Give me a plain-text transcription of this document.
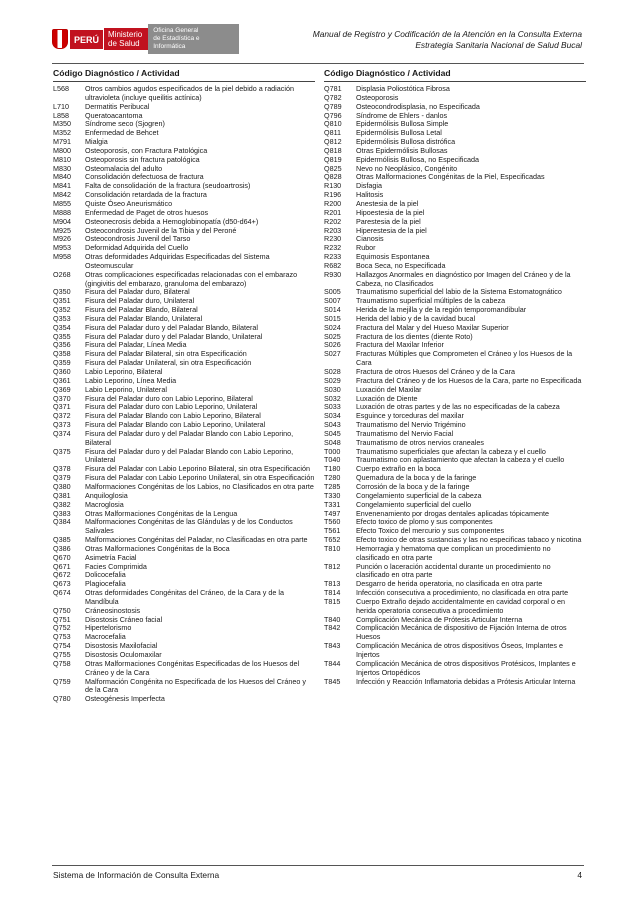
PERÚ	Ministerio
de Salud
Oficina General
de Estadística e Informática
Manual de Registro y Codificación de la Atención en la Consulta Externa
Estrategia Sanitaria Nacional de Salud Bucal
Código Diagnóstico / Actividad
L568	Otros cambios agudos especificados de la piel debido a radiación ultravioleta (incluye queilitis actínica)
L710	Dermatitis Peribucal
L858	Queratoacantoma
M350	Síndrome seco (Sjogren)
M352	Enfermedad de Behcet
M791	Mialgia
M800	Osteoporosis, con Fractura Patológica
M810	Osteoporosis sin fractura patológica
M830	Osteomalacia del adulto
M840	Consolidación defectuosa de fractura
M841	Falta de consolidación de la fractura (seudoartrosis)
M842	Consolidación retardada de la fractura
M855	Quiste Óseo Aneurismático
M888	Enfermedad de Paget de otros huesos
M904	Osteonecrosis debida a Hemoglobinopatía (d50-d64+)
M925	Osteocondrosis Juvenil de la Tibia y del Peroné
M926	Osteocondrosis Juvenil del Tarso
M953	Deformidad Adquirida del Cuello
M958	Otras deformidades Adquiridas Especificadas del Sistema Osteomuscular
O268	Otras complicaciones especificadas relacionadas con el embarazo (gingivitis del embarazo, granuloma del embarazo)
Q350	Fisura del Paladar duro, Bilateral
Q351	Fisura del Paladar duro, Unilateral
Q352	Fisura del Paladar Blando, Bilateral
Q353	Fisura del Paladar Blando, Unilateral
Q354	Fisura del Paladar duro y del Paladar Blando, Bilateral
Q355	Fisura del Paladar duro y del Paladar Blando, Unilateral
Q356	Fisura del Paladar, Línea Media
Q358	Fisura del Paladar Bilateral, sin otra Especificación
Q359	Fisura del Paladar Unilateral, sin otra Especificación
Q360	Labio Leporino, Bilateral
Q361	Labio Leporino, Línea Media
Q369	Labio Leporino, Unilateral
Q370	Fisura del Paladar duro con Labio Leporino, Bilateral
Q371	Fisura del Paladar duro con Labio Leporino, Unilateral
Q372	Fisura del Paladar Blando con Labio Leporino, Bilateral
Q373	Fisura del Paladar Blando con Labio Leporino, Unilateral
Q374	Fisura del Paladar duro y del Paladar Blando con Labio Leporino, Bilateral
Q375	Fisura del Paladar duro y del Paladar Blando con Labio Leporino, Unilateral
Q378	Fisura del Paladar con Labio Leporino Bilateral, sin otra Especificación
Q379	Fisura del Paladar con Labio Leporino Unilateral, sin otra Especificación
Q380	Malformaciones Congénitas de los Labios, no Clasificados en otra parte
Q381	Anquiloglosia
Q382	Macroglosia
Q383	Otras Malformaciones Congénitas de la Lengua
Q384	Malformaciones Congénitas de las Glándulas y de los Conductos Salivales
Q385	Malformaciones Congénitas del Paladar, no Clasificadas en otra parte
Q386	Otras Malformaciones Congénitas de la Boca
Q670	Asimetría Facial
Q671	Facies Comprimida
Q672	Dolicocefalia
Q673	Plagiocefalia
Q674	Otras deformidades Congénitas del Cráneo, de la Cara y de la Mandíbula
Q750	Cráneosinostosis
Q751	Disostosis Cráneo facial
Q752	Hipertelorismo
Q753	Macrocefalia
Q754	Disostosis Maxilofacial
Q755	Disostosis Oculomaxilar
Q758	Otras Malformaciones Congénitas Especificadas de los Huesos del Cráneo y de la Cara
Q759	Malformación Congénita no Especificada de los Huesos del Cráneo y de la Cara
Q780	Osteogénesis Imperfecta
Código Diagnóstico / Actividad
Q781	Displasia Poliostótica Fibrosa
Q782	Osteoporosis
Q789	Osteocondrodisplasia, no Especificada
Q796	Síndrome de Ehlers - danlos
Q810	Epidermólisis Bullosa Simple
Q811	Epidermólisis Bullosa Letal
Q812	Epidermólisis Bullosa distrófica
Q818	Otras Epidermólisis Bullosas
Q819	Epidermólisis Bullosa, no Especificada
Q825	Nevo no Neoplásico, Congénito
Q828	Otras Malformaciones Congénitas de la Piel, Especificadas
R130	Disfagia
R196	Halitosis
R200	Anestesia de la piel
R201	Hipoestesia de la piel
R202	Parestesia de la piel
R203	Hiperestesia de la piel
R230	Cianosis
R232	Rubor
R233	Equimosis Espontanea
R682	Boca Seca, no Especificada
R930	Hallazgos Anormales en diagnóstico por Imagen del Cráneo y de la Cabeza, no Clasificados
S005	Traumatismo superficial del labio de la Sistema Estomatognático
S007	Traumatismo superficial múltiples de la cabeza
S014	Herida de la mejilla y de la región temporomandibular
S015	Herida del labio y de la cavidad bucal
S024	Fractura del Malar y del Hueso Maxilar Superior
S025	Fractura de los dientes (diente Roto)
S026	Fractura del Maxilar Inferior
S027	Fracturas Múltiples que Comprometen el Cráneo y los Huesos de la Cara
S028	Fractura de otros Huesos del Cráneo y de la Cara
S029	Fractura del Cráneo y de los Huesos de la Cara, parte no Especificada
S030	Luxación del Maxilar
S032	Luxación de Diente
S033	Luxación de otras partes y de las no especificadas de la cabeza
S034	Esguince y torceduras del maxilar
S043	Traumatismo del Nervio Trigémino
S045	Traumatismo del Nervio Facial
S048	Traumatismo de otros nervios craneales
T000	Traumatismo superficiales que afectan la cabeza y el cuello
T040	Traumatismo con aplastamiento que afectan la cabeza y el cuello
T180	Cuerpo extraño en la boca
T280	Quemadura de la boca y de la faringe
T285	Corrosión de la boca y de la faringe
T330	Congelamiento superficial de la cabeza
T331	Congelamiento superficial del cuello
T497	Envenenamiento por drogas dentales aplicadas tópicamente
T560	Efecto toxico de plomo y sus componentes
T561	Efecto Toxico del mercurio y sus componentes
T652	Efecto toxico de otras sustancias y las no especificas tabaco y nicotina
T810	Hemorragia y hematoma que complican un procedimiento no clasificado en otra parte
T812	Punción o laceración accidental durante un procedimiento no clasificado en otra parte
T813	Desgarro de herida operatoria, no clasificada en otra parte
T814	Infección consecutiva a procedimiento, no clasificada en otra parte
T815	Cuerpo Extraño dejado accidentalmente en cavidad corporal o en herida operatoria consecutiva a procedimiento
T840	Complicación Mecánica de Prótesis Articular Interna
T842	Complicación Mecánica de dispositivo de Fijación Interna de otros Huesos
T843	Complicación Mecánica de otros dispositivos Óseos, Implantes e Injertos
T844	Complicación Mecánica de otros dispositivos Protésicos, Implantes e Injertos Ortopédicos
T845	Infección y Reacción Inflamatoria debidas a Prótesis Articular Interna
Sistema de Información de Consulta Externa	4
